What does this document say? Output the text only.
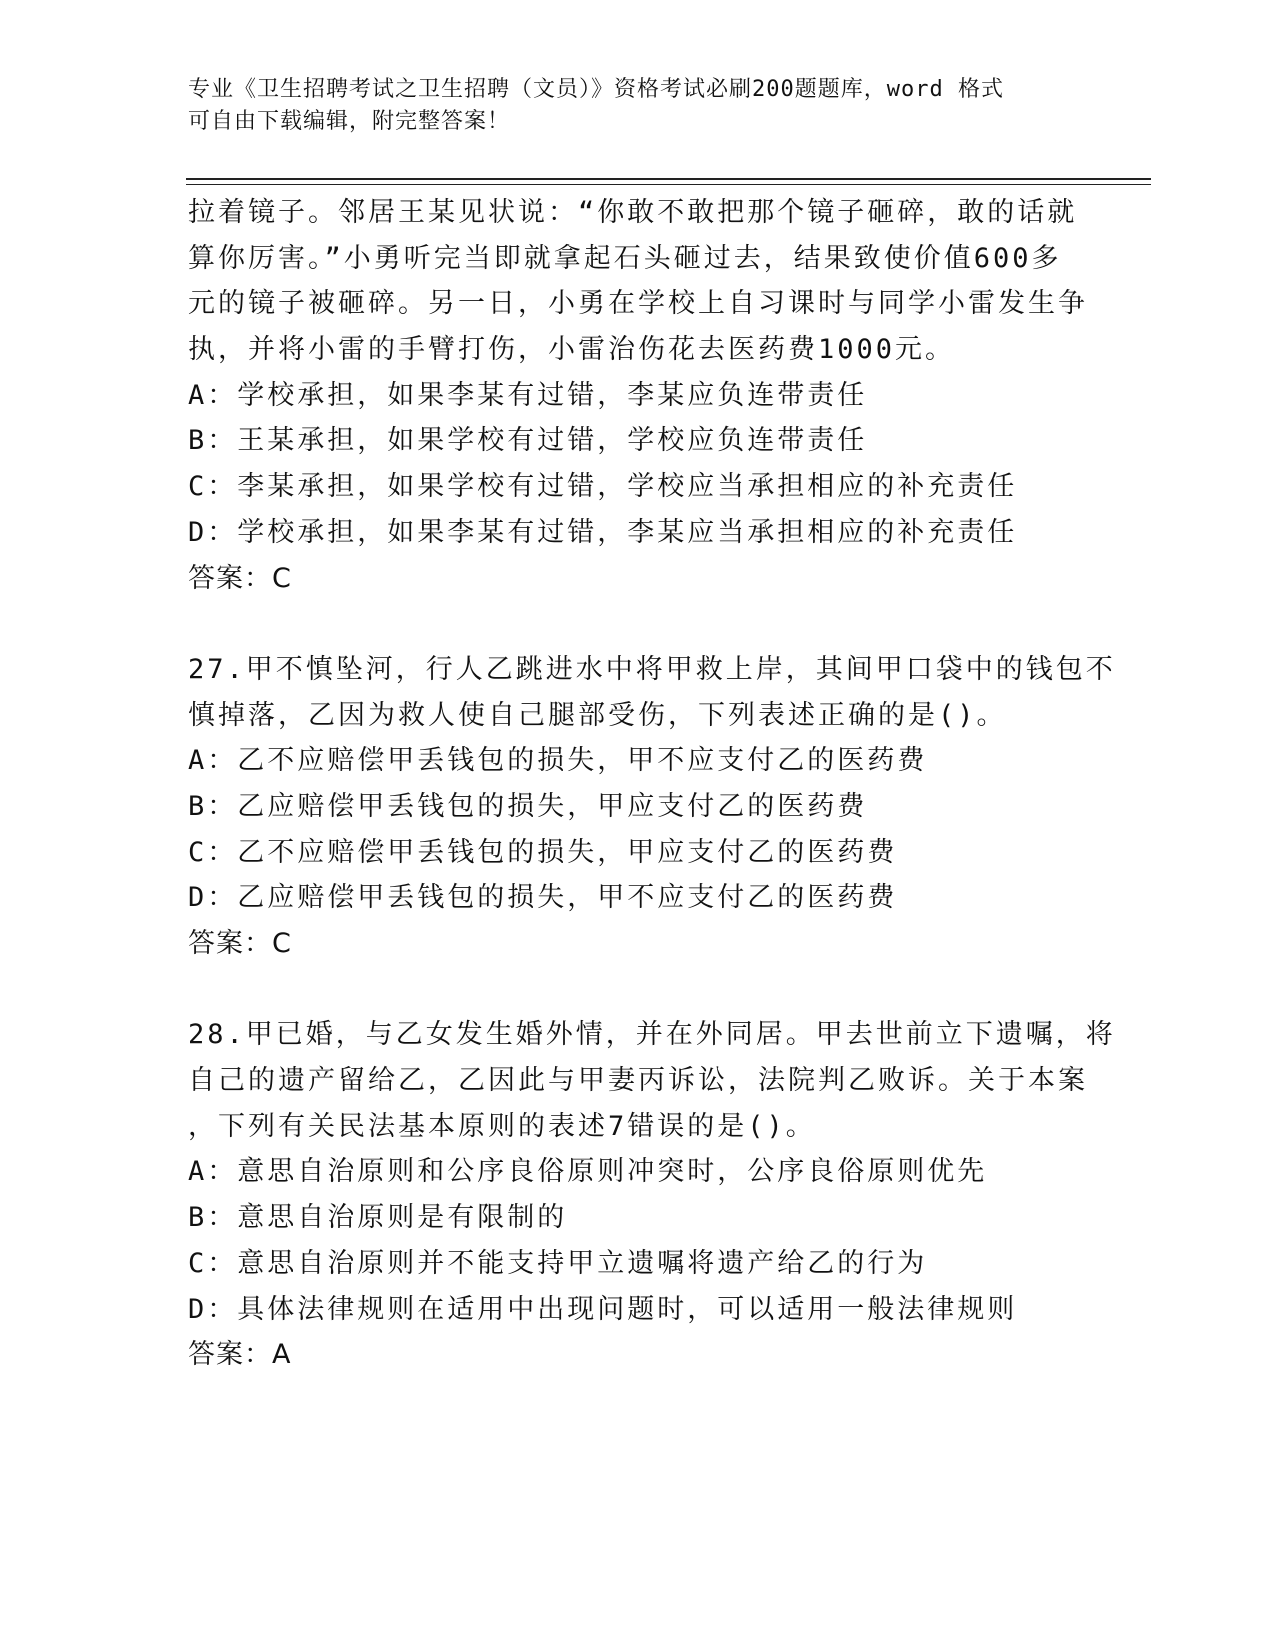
专业《卫生招聘考试之卫生招聘（文员）》资格考试必刷200题题库，word 格式
可自由下载编辑，附完整答案！
拉着镜子。邻居王某见状说：“你敢不敢把那个镜子砸碎，敢的话就
算你厉害。”小勇听完当即就拿起石头砸过去，结果致使价值600多
元的镜子被砸碎。另一日，小勇在学校上自习课时与同学小雷发生争
执，并将小雷的手臂打伤，小雷治伤花去医药费1000元。
A：学校承担，如果李某有过错，李某应负连带责任
B：王某承担，如果学校有过错，学校应负连带责任
C：李某承担，如果学校有过错，学校应当承担相应的补充责任
D：学校承担，如果李某有过错，李某应当承担相应的补充责任
答案：C
27.甲不慎坠河，行人乙跳进水中将甲救上岸，其间甲口袋中的钱包不
慎掉落，乙因为救人使自己腿部受伤，下列表述正确的是()。
A：乙不应赔偿甲丢钱包的损失，甲不应支付乙的医药费
B：乙应赔偿甲丢钱包的损失，甲应支付乙的医药费
C：乙不应赔偿甲丢钱包的损失，甲应支付乙的医药费
D：乙应赔偿甲丢钱包的损失，甲不应支付乙的医药费
答案：C
28.甲已婚，与乙女发生婚外情，并在外同居。甲去世前立下遗嘱，将
自己的遗产留给乙，乙因此与甲妻丙诉讼，法院判乙败诉。关于本案
，下列有关民法基本原则的表述7错误的是()。
A：意思自治原则和公序良俗原则冲突时，公序良俗原则优先
B：意思自治原则是有限制的
C：意思自治原则并不能支持甲立遗嘱将遗产给乙的行为
D：具体法律规则在适用中出现问题时，可以适用一般法律规则
答案：A
